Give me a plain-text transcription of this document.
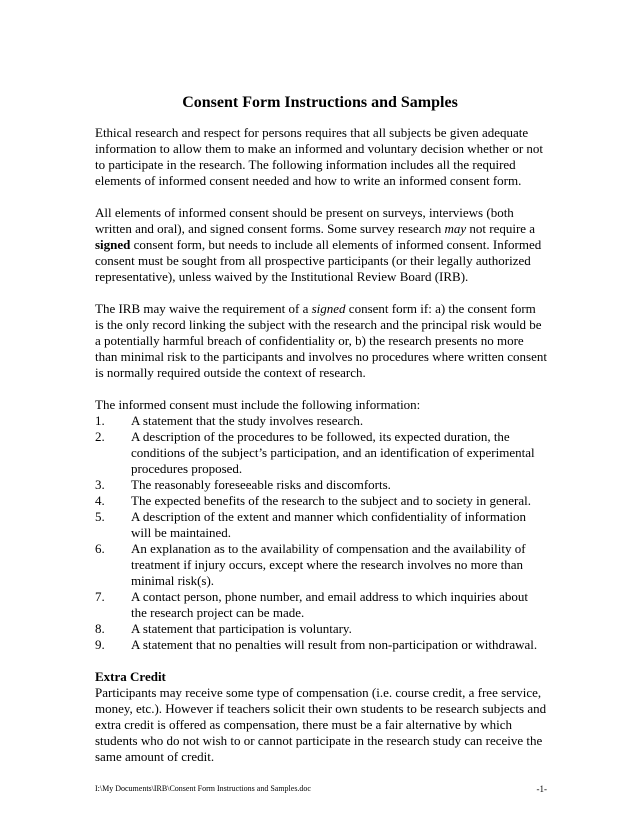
Consent Form Instructions and Samples

Ethical research and respect for persons requires that all subjects be given adequate information to allow them to make an informed and voluntary decision whether or not to participate in the research. The following information includes all the required elements of informed consent needed and how to write an informed consent form.

All elements of informed consent should be present on surveys, interviews (both written and oral), and signed consent forms. Some survey research may not require a signed consent form, but needs to include all elements of informed consent. Informed consent must be sought from all prospective participants (or their legally authorized representative), unless waived by the Institutional Review Board (IRB).

The IRB may waive the requirement of a signed consent form if: a) the consent form is the only record linking the subject with the research and the principal risk would be a potentially harmful breach of confidentiality or, b) the research presents no more than minimal risk to the participants and involves no procedures where written consent is normally required outside the context of research.

The informed consent must include the following information:

1. A statement that the study involves research.
2. A description of the procedures to be followed, its expected duration, the conditions of the subject’s participation, and an identification of experimental procedures proposed.
3. The reasonably foreseeable risks and discomforts.
4. The expected benefits of the research to the subject and to society in general.
5. A description of the extent and manner which confidentiality of information will be maintained.
6. An explanation as to the availability of compensation and the availability of treatment if injury occurs, except where the research involves no more than minimal risk(s).
7. A contact person, phone number, and email address to which inquiries about the research project can be made.
8. A statement that participation is voluntary.
9. A statement that no penalties will result from non-participation or withdrawal.

Extra Credit

Participants may receive some type of compensation (i.e. course credit, a free service, money, etc.). However if teachers solicit their own students to be research subjects and extra credit is offered as compensation, there must be a fair alternative by which students who do not wish to or cannot participate in the research study can receive the same amount of credit.

I:\My Documents\IRB\Consent Form Instructions and Samples.doc	-1-
